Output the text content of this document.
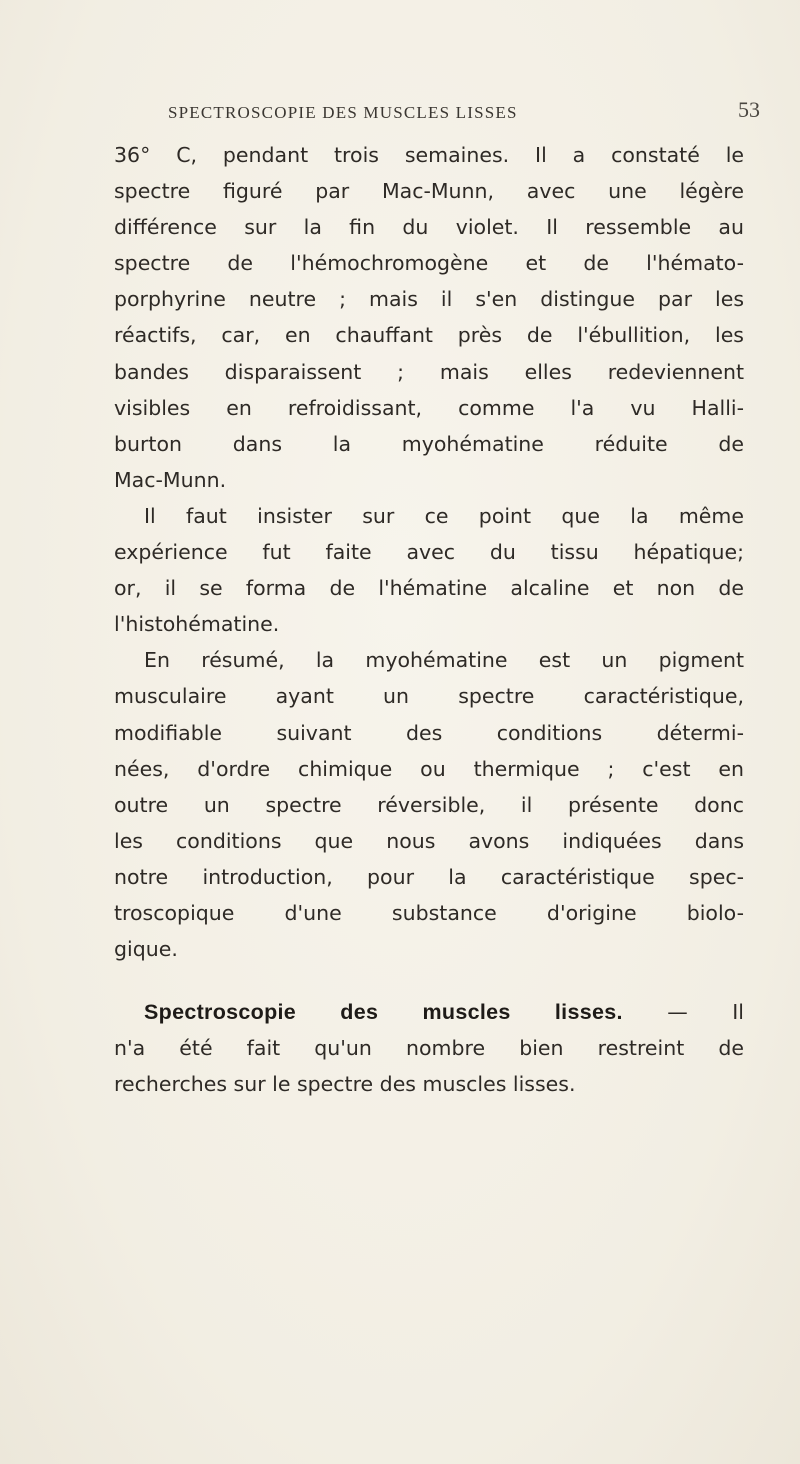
SPECTROSCOPIE DES MUSCLES LISSES	53
36° C, pendant trois semaines. Il a constaté le
spectre figuré par Mac-Munn, avec une légère
différence sur la fin du violet. Il ressemble au
spectre de l'hémochromogène et de l'hémato-
porphyrine neutre ; mais il s'en distingue par les
réactifs, car, en chauffant près de l'ébullition, les
bandes disparaissent ; mais elles redeviennent
visibles en refroidissant, comme l'a vu Halli-
burton dans la myohématine réduite de
Mac-Munn.
Il faut insister sur ce point que la même
expérience fut faite avec du tissu hépatique;
or, il se forma de l'hématine alcaline et non de
l'histohématine.
En résumé, la myohématine est un pigment
musculaire ayant un spectre caractéristique,
modifiable suivant des conditions détermi-
nées, d'ordre chimique ou thermique ; c'est en
outre un spectre réversible, il présente donc
les conditions que nous avons indiquées dans
notre introduction, pour la caractéristique spec-
troscopique d'une substance d'origine biolo-
gique.
Spectroscopie des muscles lisses. — Il
n'a été fait qu'un nombre bien restreint de
recherches sur le spectre des muscles lisses.
